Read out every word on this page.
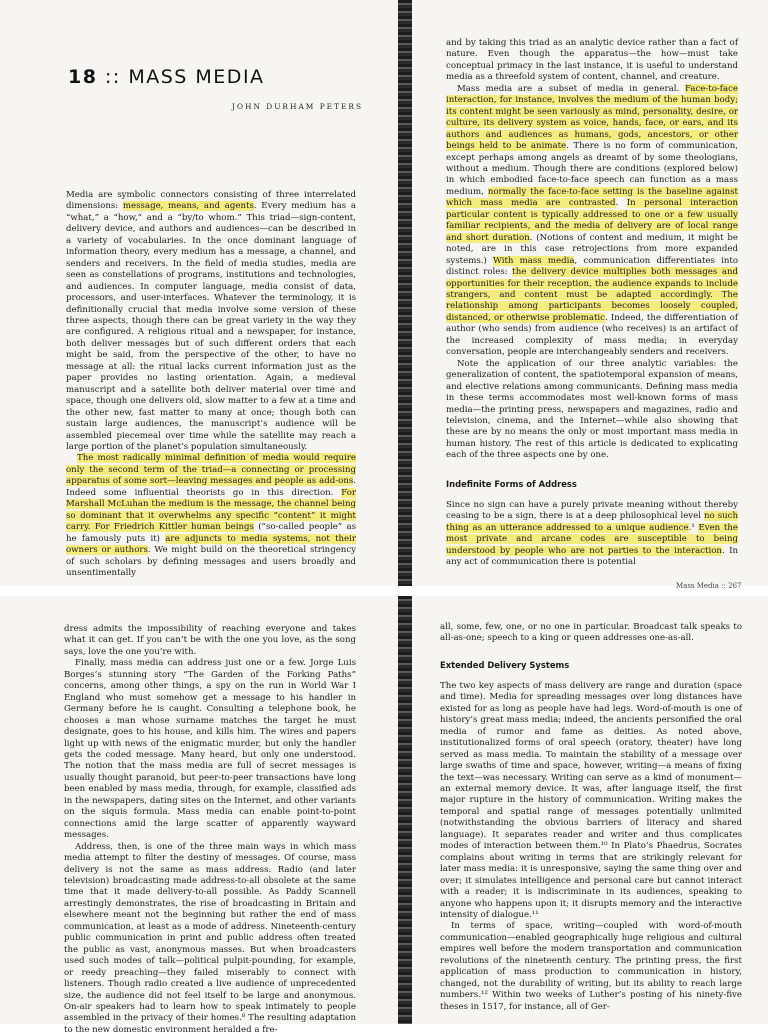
18 :: MASS MEDIA
JOHN DURHAM PETERS

Media are symbolic connectors consisting of three interrelated dimensions: message, means, and agents. Every medium has a “what,” a “how,” and a “by/to whom.” This triad—sign-content, delivery device, and authors and audiences—can be described in a variety of vocabularies. In the once dominant language of information theory, every medium has a message, a channel, and senders and receivers. In the field of media studies, media are seen as constellations of programs, institutions and technologies, and audiences. In computer language, media consist of data, processors, and user-interfaces. Whatever the terminology, it is definitionally crucial that media involve some version of these three aspects, though there can be great variety in the way they are configured. A religious ritual and a newspaper, for instance, both deliver messages but of such different orders that each might be said, from the perspective of the other, to have no message at all: the ritual lacks current information just as the paper provides no lasting orientation. Again, a medieval manuscript and a satellite both deliver material over time and space, though one delivers old, slow matter to a few at a time and the other new, fast matter to many at once; though both can sustain large audiences, the manuscript’s audience will be assembled piecemeal over time while the satellite may reach a large portion of the planet’s population simultaneously.

The most radically minimal definition of media would require only the second term of the triad—a connecting or processing apparatus of some sort—leaving messages and people as add-ons. Indeed some influential theorists go in this direction. For Marshall McLuhan the medium is the message, the channel being so dominant that it overwhelms any specific “content” it might carry. For Friedrich Kittler human beings (“so-called people” as he famously puts it) are adjuncts to media systems, not their owners or authors. We might build on the theoretical stringency of such scholars by defining messages and users broadly and unsentimentally

and by taking this triad as an analytic device rather than a fact of nature. Even though the apparatus—the how—must take conceptual primacy in the last instance, it is useful to understand media as a threefold system of content, channel, and creature.

Mass media are a subset of media in general. Face-to-face interaction, for instance, involves the medium of the human body; its content might be seen variously as mind, personality, desire, or culture, its delivery system as voice, hands, face, or ears, and its authors and audiences as humans, gods, ancestors, or other beings held to be animate. There is no form of communication, except perhaps among angels as dreamt of by some theologians, without a medium. Though there are conditions (explored below) in which embodied face-to-face speech can function as a mass medium, normally the face-to-face setting is the baseline against which mass media are contrasted. In personal interaction particular content is typically addressed to one or a few usually familiar recipients, and the media of delivery are of local range and short duration. (Notions of content and medium, it might be noted, are in this case retrojections from more expanded systems.) With mass media, communication differentiates into distinct roles: the delivery device multiplies both messages and opportunities for their reception, the audience expands to include strangers, and content must be adapted accordingly. The relationship among participants becomes loosely coupled, distanced, or otherwise problematic. Indeed, the differentiation of author (who sends) from audience (who receives) is an artifact of the increased complexity of mass media; in everyday conversation, people are interchangeably senders and receivers.

Note the application of our three analytic variables: the generalization of content, the spatiotemporal expansion of means, and elective relations among communicants. Defining mass media in these terms accommodates most well-known forms of mass media—the printing press, newspapers and magazines, radio and television, cinema, and the Internet—while also showing that these are by no means the only or most important mass media in human history. The rest of this article is dedicated to explicating each of the three aspects one by one.

Indefinite Forms of Address

Since no sign can have a purely private meaning without thereby ceasing to be a sign, there is at a deep philosophical level no such thing as an utterance addressed to a unique audience.¹ Even the most private and arcane codes are susceptible to being understood by people who are not parties to the interaction. In any act of communication there is potential

Mass Media :: 267

dress admits the impossibility of reaching everyone and takes what it can get. If you can’t be with the one you love, as the song says, love the one you’re with.

Finally, mass media can address just one or a few. Jorge Luis Borges’s stunning story “The Garden of the Forking Paths” concerns, among other things, a spy on the run in World War I England who must somehow get a message to his handler in Germany before he is caught. Consulting a telephone book, he chooses a man whose surname matches the target he must designate, goes to his house, and kills him. The wires and papers light up with news of the enigmatic murder, but only the handler gets the coded message. Many heard, but only one understood. The notion that the mass media are full of secret messages is usually thought paranoid, but peer-to-peer transactions have long been enabled by mass media, through, for example, classified ads in the newspapers, dating sites on the Internet, and other variants on the siquis formula. Mass media can enable point-to-point connections amid the large scatter of apparently wayward messages.

Address, then, is one of the three main ways in which mass media attempt to filter the destiny of messages. Of course, mass delivery is not the same as mass address. Radio (and later television) broadcasting made address-to-all obsolete at the same time that it made delivery-to-all possible. As Paddy Scannell arrestingly demonstrates, the rise of broadcasting in Britain and elsewhere meant not the beginning but rather the end of mass communication, at least as a mode of address. Nineteenth-century public communication in print and public address often treated the public as vast, anonymous masses. But when broadcasters used such modes of talk—political pulpit-pounding, for example, or reedy preaching—they failed miserably to connect with listeners. Though radio created a live audience of unprecedented size, the audience did not feel itself to be large and anonymous. On-air speakers had to learn how to speak intimately to people assembled in the privacy of their homes.⁸ The resulting adaptation to the new domestic environment heralded a fre-

all, some, few, one, or no one in particular. Broadcast talk speaks to all-as-one; speech to a king or queen addresses one-as-all.

Extended Delivery Systems

The two key aspects of mass delivery are range and duration (space and time). Media for spreading messages over long distances have existed for as long as people have had legs. Word-of-mouth is one of history’s great mass media; indeed, the ancients personified the oral media of rumor and fame as deities. As noted above, institutionalized forms of oral speech (oratory, theater) have long served as mass media. To maintain the stability of a message over large swaths of time and space, however, writing—a means of fixing the text—was necessary. Writing can serve as a kind of monument—an external memory device. It was, after language itself, the first major rupture in the history of communication. Writing makes the temporal and spatial range of messages potentially unlimited (notwithstanding the obvious barriers of literacy and shared language). It separates reader and writer and thus complicates modes of interaction between them.¹⁰ In Plato’s Phaedrus, Socrates complains about writing in terms that are strikingly relevant for later mass media: it is unresponsive, saying the same thing over and over; it simulates intelligence and personal care but cannot interact with a reader; it is indiscriminate in its audiences, speaking to anyone who happens upon it; it disrupts memory and the interactive intensity of dialogue.¹¹

In terms of space, writing—coupled with word-of-mouth communication—enabled geographically huge religious and cultural empires well before the modern transportation and communication revolutions of the nineteenth century. The printing press, the first application of mass production to communication in history, changed, not the durability of writing, but its ability to reach large numbers.¹² Within two weeks of Luther’s posting of his ninety-five theses in 1517, for instance, all of Ger-
